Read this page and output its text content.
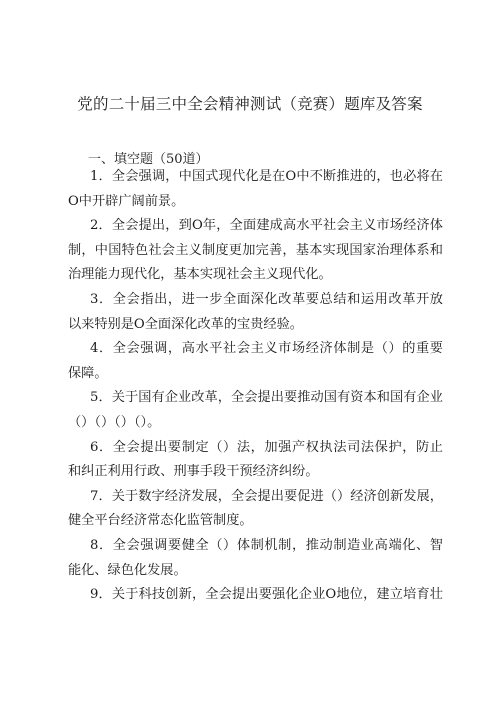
党的二十届三中全会精神测试（竞赛）题库及答案
一、填空题（50道）
1．全会强调，中国式现代化是在O中不断推进的，也必将在
O中开辟广阔前景。
2．全会提出，到O年，全面建成高水平社会主义市场经济体
制，中国特色社会主义制度更加完善，基本实现国家治理体系和
治理能力现代化，基本实现社会主义现代化。
3．全会指出，进一步全面深化改革要总结和运用改革开放
以来特别是O全面深化改革的宝贵经验。
4．全会强调，高水平社会主义市场经济体制是（）的重要
保障。
5．关于国有企业改革，全会提出要推动国有资本和国有企业
（）（）（）（）。
6．全会提出要制定（）法，加强产权执法司法保护，防止
和纠正利用行政、刑事手段干预经济纠纷。
7．关于数字经济发展，全会提出要促进（）经济创新发展，
健全平台经济常态化监管制度。
8．全会强调要健全（）体制机制，推动制造业高端化、智
能化、绿色化发展。
9．关于科技创新，全会提出要强化企业O地位，建立培育壮
